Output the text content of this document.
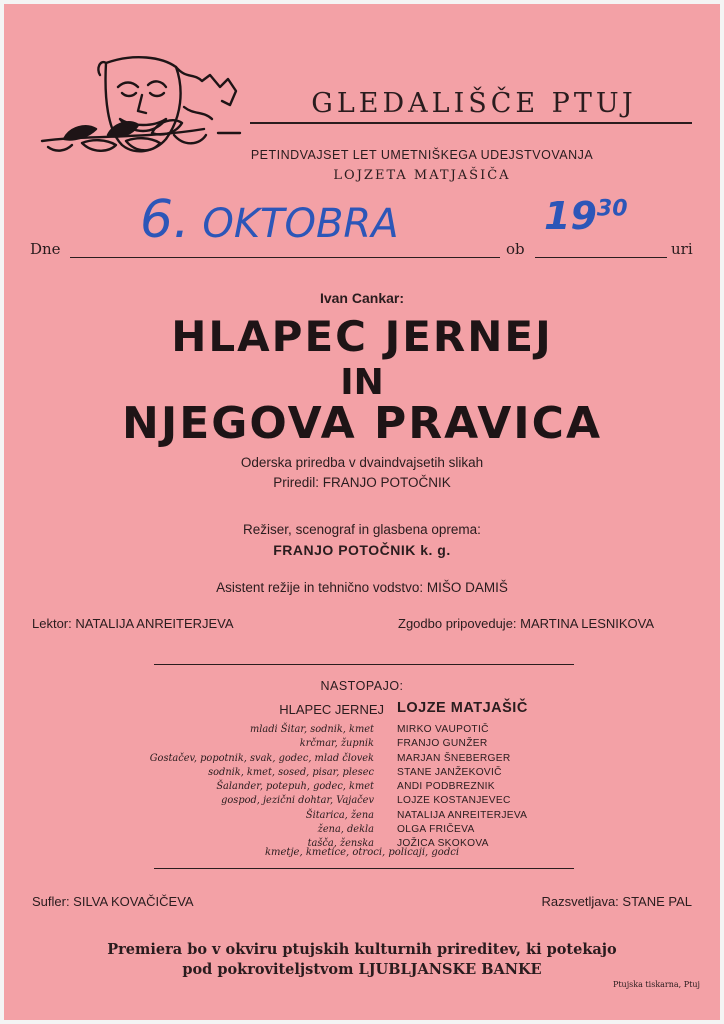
GLEDALIŠČE PTUJ
PETINDVAJSET LET UMETNIŠKEGA UDEJSTVOVANJA
LOJZETA MATJAŠIČA
Dne 6. OKTOBRA
ob
$19^{30}$
uri
Ivan Cankar:
HLAPEC JERNEJ
IN
NJEGOVA PRAVICA
Oderska priredba v dvaindvajsetih slikah
Priredil: FRANJO POTOČNIK
Režiser, scenograf in glasbena oprema:
FRANJO POTOČNIK k. g.
Asistent režije in tehnično vodstvo: MIŠO DAMIŠ
Lektor: NATALIJA ANREITERJEVA	Zgodbo pripoveduje: MARTINA LESNIKOVA
NASTOPAJO:
HLAPEC JERNEJ LOJZE MATJAŠIČ
mladi Šitar, sodnik, kmet
krčmar, župnik
Gostačev, popotnik, svak, godec, mlad človek
sodnik, kmet, sosed, pisar, plesec
Šalander, potepuh, godec, kmet
gospod, jezični dohtar, Vajačev
Šitarica, žena
žena, dekla
tašča, ženska
MIRKO VAUPOTIČ
FRANJO GUNŽER
MARJAN ŠNEBERGER
STANE JANŽEKOVIČ
ANDI PODBREZNIK
LOJZE KOSTANJEVEC
NATALIJA ANREITERJEVA
OLGA FRIČEVA
JOŽICA SKOKOVA
kmetje, kmetice, otroci, policaji, godci
Sufler: SILVA KOVAČIČEVA	Razsvetljava: STANE PAL
Premiera bo v okviru ptujskih kulturnih prireditev, ki potekajo
pod pokroviteljstvom LJUBLJANSKE BANKE
Ptujska tiskarna, Ptuj
